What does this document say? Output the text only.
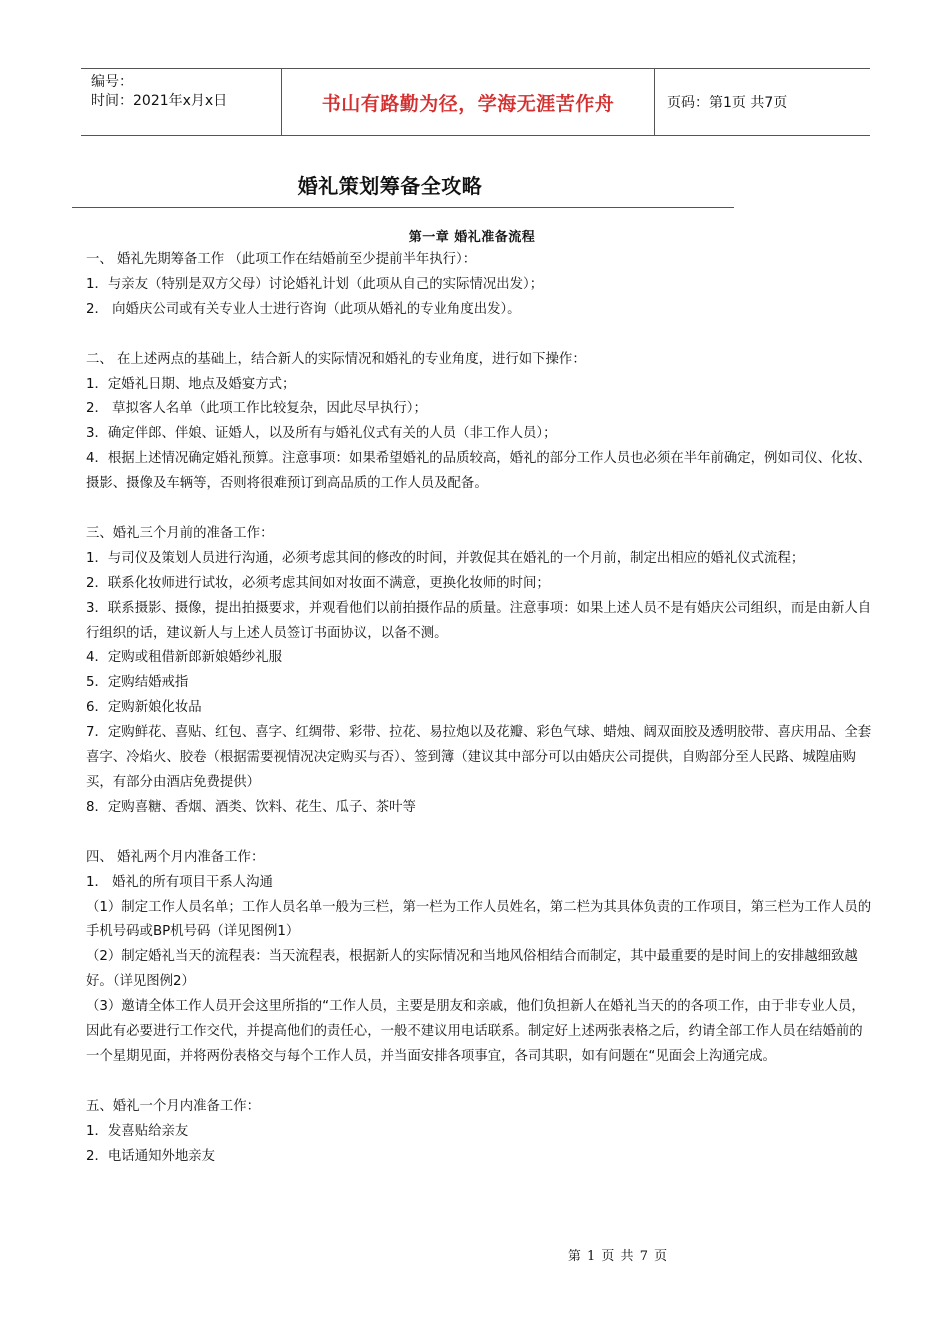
编号：
时间：2021年x月x日	书山有路勤为径，学海无涯苦作舟	页码：第1页 共7页
婚礼策划筹备全攻略
第一章 婚礼准备流程

一、 婚礼先期筹备工作 （此项工作在结婚前至少提前半年执行）：

1．与亲友（特别是双方父母）讨论婚礼计划（此项从自己的实际情况出发）；

2． 向婚庆公司或有关专业人士进行咨询（此项从婚礼的专业角度出发）。

二、 在上述两点的基础上，结合新人的实际情况和婚礼的专业角度，进行如下操作：

1．定婚礼日期、地点及婚宴方式；

2． 草拟客人名单（此项工作比较复杂，因此尽早执行）；

3．确定伴郎、伴娘、证婚人，以及所有与婚礼仪式有关的人员（非工作人员）；

4．根据上述情况确定婚礼预算。注意事项：如果希望婚礼的品质较高，婚礼的部分工作人员也必须在半年前确定，例如司仪、化妆、摄影、摄像及车辆等，否则将很难预订到高品质的工作人员及配备。

三、婚礼三个月前的准备工作：

1．与司仪及策划人员进行沟通，必须考虑其间的修改的时间，并敦促其在婚礼的一个月前，制定出相应的婚礼仪式流程；

2．联系化妆师进行试妆，必须考虑其间如对妆面不满意，更换化妆师的时间；

3．联系摄影、摄像，提出拍摄要求，并观看他们以前拍摄作品的质量。注意事项：如果上述人员不是有婚庆公司组织，而是由新人自行组织的话，建议新人与上述人员签订书面协议，以备不测。

4．定购或租借新郎新娘婚纱礼服

5．定购结婚戒指

6．定购新娘化妆品

7．定购鲜花、喜贴、红包、喜字、红绸带、彩带、拉花、易拉炮以及花瓣、彩色气球、蜡烛、阔双面胶及透明胶带、喜庆用品、全套喜字、冷焰火、胶卷（根据需要视情况决定购买与否）、签到簿（建议其中部分可以由婚庆公司提供，自购部分至人民路、城隍庙购买，有部分由酒店免费提供）

8．定购喜糖、香烟、酒类、饮料、花生、瓜子、茶叶等

四、 婚礼两个月内准备工作：

1． 婚礼的所有项目干系人沟通

（1）制定工作人员名单；工作人员名单一般为三栏，第一栏为工作人员姓名，第二栏为其具体负责的工作项目，第三栏为工作人员的手机号码或BP机号码（详见图例1）

（2）制定婚礼当天的流程表：当天流程表，根据新人的实际情况和当地风俗相结合而制定，其中最重要的是时间上的安排越细致越好。（详见图例2）

（3）邀请全体工作人员开会这里所指的“工作人员，主要是朋友和亲戚，他们负担新人在婚礼当天的的各项工作，由于非专业人员，因此有必要进行工作交代，并提高他们的责任心，一般不建议用电话联系。制定好上述两张表格之后，约请全部工作人员在结婚前的一个星期见面，并将两份表格交与每个工作人员，并当面安排各项事宜，各司其职，如有问题在“见面会上沟通完成。

五、婚礼一个月内准备工作：

1．发喜贴给亲友

2．电话通知外地亲友

第 1 页 共 7 页
